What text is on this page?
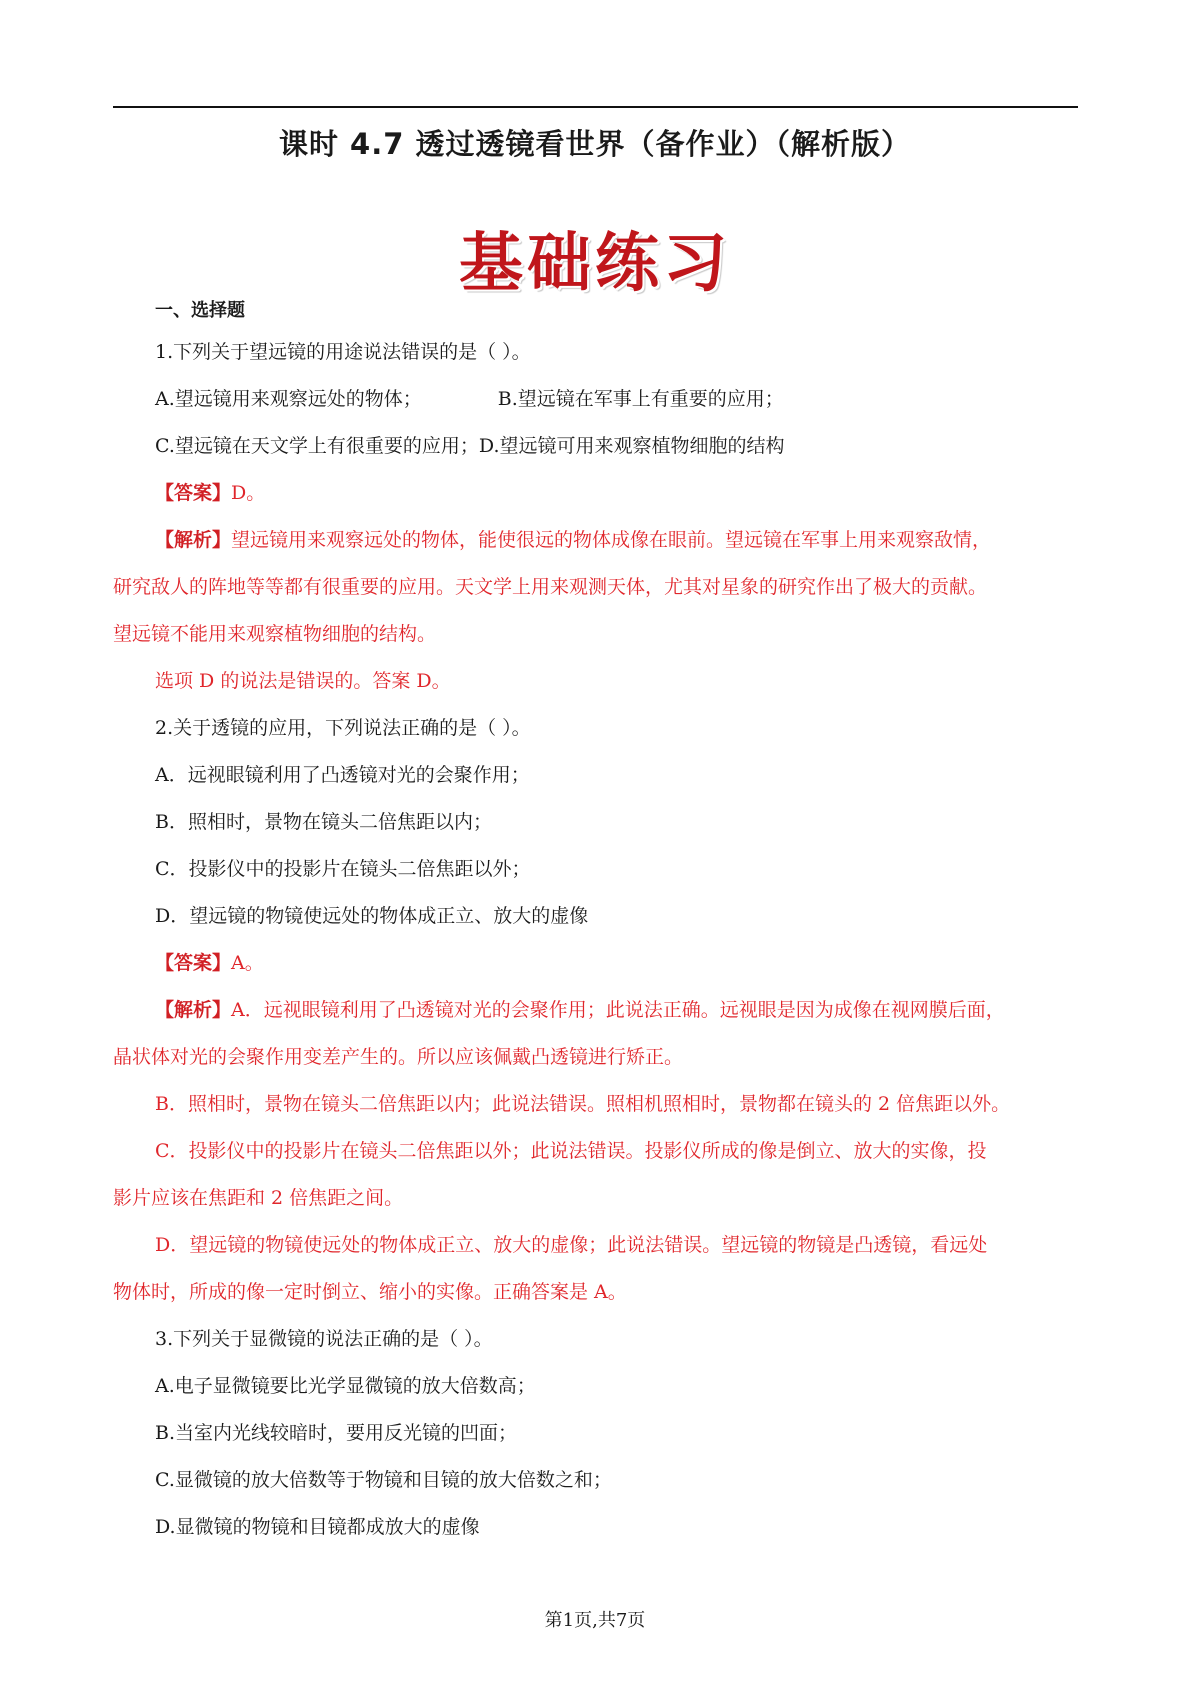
课时 4.7 透过透镜看世界（备作业）（解析版）
基础练习
一、选择题
1.下列关于望远镜的用途说法错误的是（ ）。
A.望远镜用来观察远处的物体；	B.望远镜在军事上有重要的应用；
C.望远镜在天文学上有很重要的应用；D.望远镜可用来观察植物细胞的结构
【答案】D。
【解析】望远镜用来观察远处的物体，能使很远的物体成像在眼前。望远镜在军事上用来观察敌情，
研究敌人的阵地等等都有很重要的应用。天文学上用来观测天体，尤其对星象的研究作出了极大的贡献。
望远镜不能用来观察植物细胞的结构。
选项 D 的说法是错误的。答案 D。
2.关于透镜的应用，下列说法正确的是（ ）。
A．远视眼镜利用了凸透镜对光的会聚作用；
B．照相时，景物在镜头二倍焦距以内；
C．投影仪中的投影片在镜头二倍焦距以外；
D．望远镜的物镜使远处的物体成正立、放大的虚像
【答案】A。
【解析】A．远视眼镜利用了凸透镜对光的会聚作用；此说法正确。远视眼是因为成像在视网膜后面，
晶状体对光的会聚作用变差产生的。所以应该佩戴凸透镜进行矫正。
B．照相时，景物在镜头二倍焦距以内；此说法错误。照相机照相时，景物都在镜头的 2 倍焦距以外。
C．投影仪中的投影片在镜头二倍焦距以外；此说法错误。投影仪所成的像是倒立、放大的实像，投
影片应该在焦距和 2 倍焦距之间。
D．望远镜的物镜使远处的物体成正立、放大的虚像；此说法错误。望远镜的物镜是凸透镜，看远处
物体时，所成的像一定时倒立、缩小的实像。正确答案是 A。
3.下列关于显微镜的说法正确的是（ ）。
A.电子显微镜要比光学显微镜的放大倍数高；
B.当室内光线较暗时，要用反光镜的凹面；
C.显微镜的放大倍数等于物镜和目镜的放大倍数之和；
D.显微镜的物镜和目镜都成放大的虚像
第1页,共7页
